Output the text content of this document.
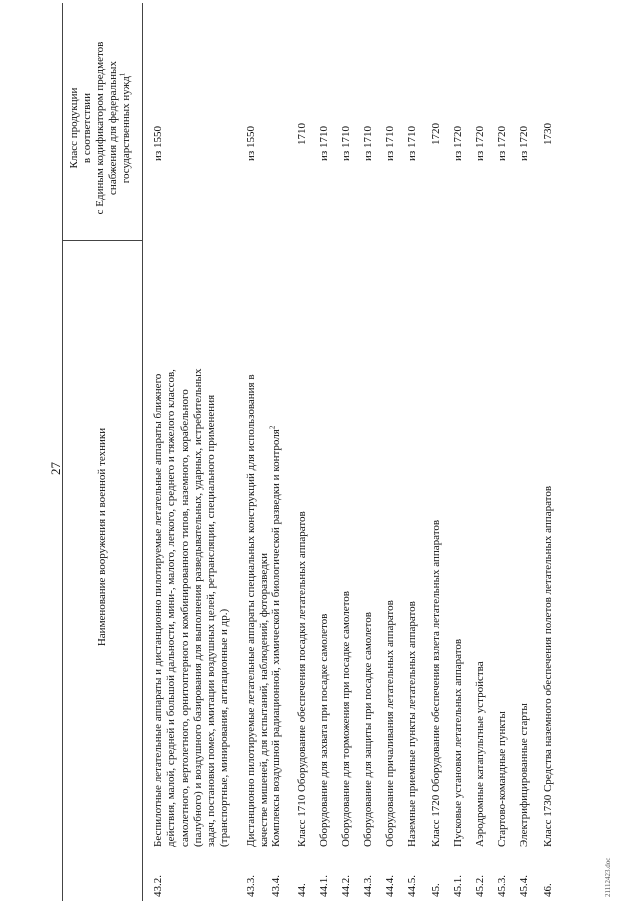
27	Наименование вооружения и военной техники
Класс продукции в соответствии с Единым кодификатором предметов снабжения для федеральных государственных нужд$^1$
43.2.
Беспилотные летательные аппараты и дистанционно пилотируемые летательные аппараты ближнего действия, малой, средней и большой дальности, мини-, малого, легкого, среднего и тяжелого классов, самолетного, вертолетного, орнитоптерного и комбинированного типов, наземного, корабельного (палубного) и воздушного базирования для выполнения разведывательных, ударных, истребительных задач, постановки помех, имитации воздушных целей, ретрансляции, специального применения (транспортные, минирования, агитационные и др.)
из 1550
43.3.
Дистанционно пилотируемые летательные аппараты специальных конструкций для использования в качестве мишеней, для испытаний, наблюдений, фоторазведки
из 1550
43.4.
Комплексы воздушной радиационной, химической и биологической разведки и контроля$^2$
44.
Класс 1710 Оборудование обеспечения посадки летательных аппаратов
1710
44.1.
Оборудование для захвата при посадке самолетов
из 1710
44.2.
Оборудование для торможения при посадке самолетов
из 1710
44.3.
Оборудование для защиты при посадке самолетов
из 1710
44.4.
Оборудование причаливания летательных аппаратов
из 1710
44.5.
Наземные приемные пункты летательных аппаратов
из 1710
45.
Класс 1720 Оборудование обеспечения взлета летательных аппаратов
1720
45.1.
Пусковые установки летательных аппаратов
из 1720
45.2.
Аэродромные катапультные устройства
из 1720
45.3.
Стартово-командные пункты
из 1720
45.4.
Электрифицированные старты
из 1720
46.
Класс 1730 Средства наземного обеспечения полетов летательных аппаратов
1730
21112423.doc
